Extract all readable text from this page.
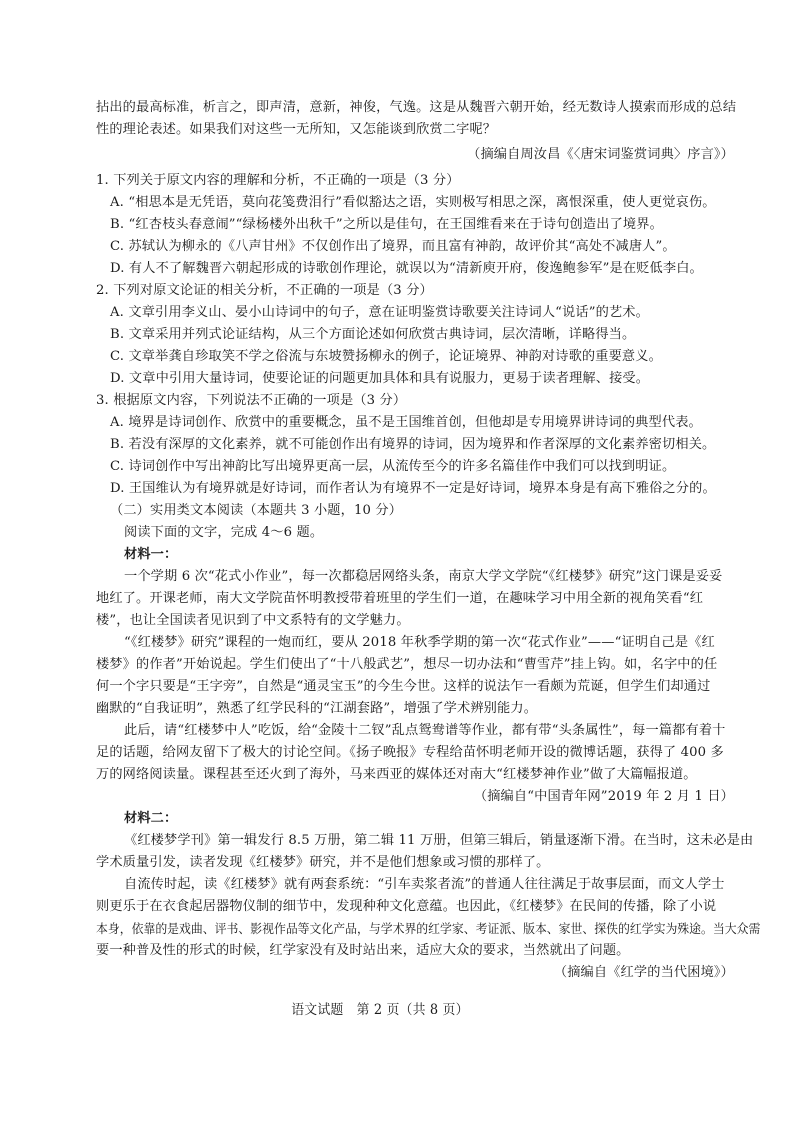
拈出的最高标准，析言之，即声清，意新，神俊，气逸。这是从魏晋六朝开始，经无数诗人摸索而形成的总结
性的理论表述。如果我们对这些一无所知，又怎能谈到欣赏二字呢？
（摘编自周汝昌《〈唐宋词鉴赏词典〉序言》）
1. 下列关于原文内容的理解和分析，不正确的一项是（3 分）
A. “相思本是无凭语，莫向花笺费泪行”看似豁达之语，实则极写相思之深，离恨深重，使人更觉哀伤。
B. “红杏枝头春意闹”“绿杨楼外出秋千”之所以是佳句，在王国维看来在于诗句创造出了境界。
C. 苏轼认为柳永的《八声甘州》不仅创作出了境界，而且富有神韵，故评价其“高处不减唐人”。
D. 有人不了解魏晋六朝起形成的诗歌创作理论，就误以为“清新庾开府，俊逸鲍参军”是在贬低李白。
2. 下列对原文论证的相关分析，不正确的一项是（3 分）
A. 文章引用李义山、晏小山诗词中的句子，意在证明鉴赏诗歌要关注诗词人“说话”的艺术。
B. 文章采用并列式论证结构，从三个方面论述如何欣赏古典诗词，层次清晰，详略得当。
C. 文章举龚自珍取笑不学之俗流与东坡赞扬柳永的例子，论证境界、神韵对诗歌的重要意义。
D. 文章中引用大量诗词，使要论证的问题更加具体和具有说服力，更易于读者理解、接受。
3. 根据原文内容，下列说法不正确的一项是（3 分）
A. 境界是诗词创作、欣赏中的重要概念，虽不是王国维首创，但他却是专用境界讲诗词的典型代表。
B. 若没有深厚的文化素养，就不可能创作出有境界的诗词，因为境界和作者深厚的文化素养密切相关。
C. 诗词创作中写出神韵比写出境界更高一层，从流传至今的许多名篇佳作中我们可以找到明证。
D. 王国维认为有境界就是好诗词，而作者认为有境界不一定是好诗词，境界本身是有高下雅俗之分的。
（二）实用类文本阅读（本题共 3 小题，10 分）
阅读下面的文字，完成 4～6 题。
材料一：
一个学期 6 次“花式小作业”，每一次都稳居网络头条，南京大学文学院“《红楼梦》研究”这门课是妥妥
地红了。开课老师，南大文学院苗怀明教授带着班里的学生们一道，在趣味学习中用全新的视角笑看“红
楼”，也让全国读者见识到了中文系特有的文学魅力。
“《红楼梦》研究”课程的一炮而红，要从 2018 年秋季学期的第一次“花式作业”——“证明自己是《红
楼梦》的作者”开始说起。学生们使出了“十八般武艺”，想尽一切办法和“曹雪芹”挂上钩。如，名字中的任
何一个字只要是“王字旁”，自然是“通灵宝玉”的今生今世。这样的说法乍一看颇为荒诞，但学生们却通过
幽默的“自我证明”，熟悉了红学民科的“江湖套路”，增强了学术辨别能力。
此后，请“红楼梦中人”吃饭，给“金陵十二钗”乱点鸳鸯谱等作业，都有带“头条属性”，每一篇都有着十
足的话题，给网友留下了极大的讨论空间。《扬子晚报》专程给苗怀明老师开设的微博话题，获得了 400 多
万的网络阅读量。课程甚至还火到了海外，马来西亚的媒体还对南大“红楼梦神作业”做了大篇幅报道。
（摘编自“中国青年网”2019 年 2 月 1 日）
材料二：
《红楼梦学刊》第一辑发行 8.5 万册，第二辑 11 万册，但第三辑后，销量逐渐下滑。在当时，这未必是由
学术质量引发，读者发现《红楼梦》研究，并不是他们想象或习惯的那样了。
自流传时起，读《红楼梦》就有两套系统：“引车卖浆者流”的普通人往往满足于故事层面，而文人学士
则更乐于在衣食起居器物仪制的细节中，发现种种文化意蕴。也因此，《红楼梦》在民间的传播，除了小说
本身，依靠的是戏曲、评书、影视作品等文化产品，与学术界的红学家、考证派、版本、家世、探佚的红学实为殊途。当大众需
要一种普及性的形式的时候，红学家没有及时站出来，适应大众的要求，当然就出了问题。
（摘编自《红学的当代困境》）
语文试题　第 2 页（共 8 页）
